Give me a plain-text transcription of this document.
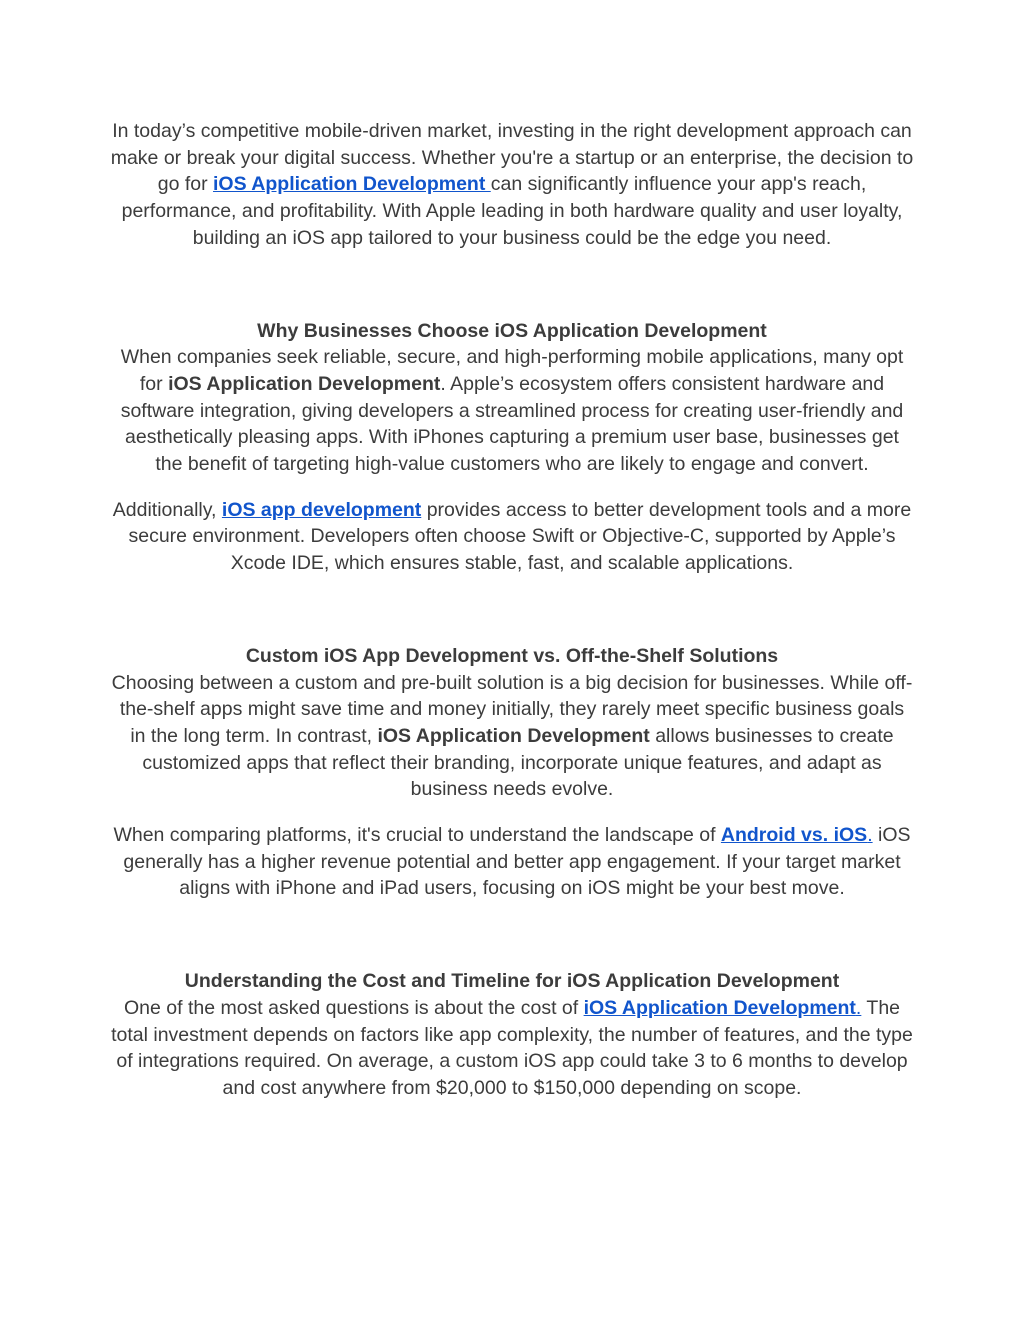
In today’s competitive mobile-driven market, investing in the right development approach can make or break your digital success. Whether you're a startup or an enterprise, the decision to go for iOS Application Development can significantly influence your app's reach, performance, and profitability. With Apple leading in both hardware quality and user loyalty, building an iOS app tailored to your business could be the edge you need.

Why Businesses Choose iOS Application Development

When companies seek reliable, secure, and high-performing mobile applications, many opt for iOS Application Development. Apple’s ecosystem offers consistent hardware and software integration, giving developers a streamlined process for creating user-friendly and aesthetically pleasing apps. With iPhones capturing a premium user base, businesses get the benefit of targeting high-value customers who are likely to engage and convert.

Additionally, iOS app development provides access to better development tools and a more secure environment. Developers often choose Swift or Objective-C, supported by Apple’s Xcode IDE, which ensures stable, fast, and scalable applications.

Custom iOS App Development vs. Off-the-Shelf Solutions

Choosing between a custom and pre-built solution is a big decision for businesses. While off-the-shelf apps might save time and money initially, they rarely meet specific business goals in the long term. In contrast, iOS Application Development allows businesses to create customized apps that reflect their branding, incorporate unique features, and adapt as business needs evolve.

When comparing platforms, it's crucial to understand the landscape of Android vs. iOS. iOS generally has a higher revenue potential and better app engagement. If your target market aligns with iPhone and iPad users, focusing on iOS might be your best move.

Understanding the Cost and Timeline for iOS Application Development

One of the most asked questions is about the cost of iOS Application Development. The total investment depends on factors like app complexity, the number of features, and the type of integrations required. On average, a custom iOS app could take 3 to 6 months to develop and cost anywhere from $20,000 to $150,000 depending on scope.
